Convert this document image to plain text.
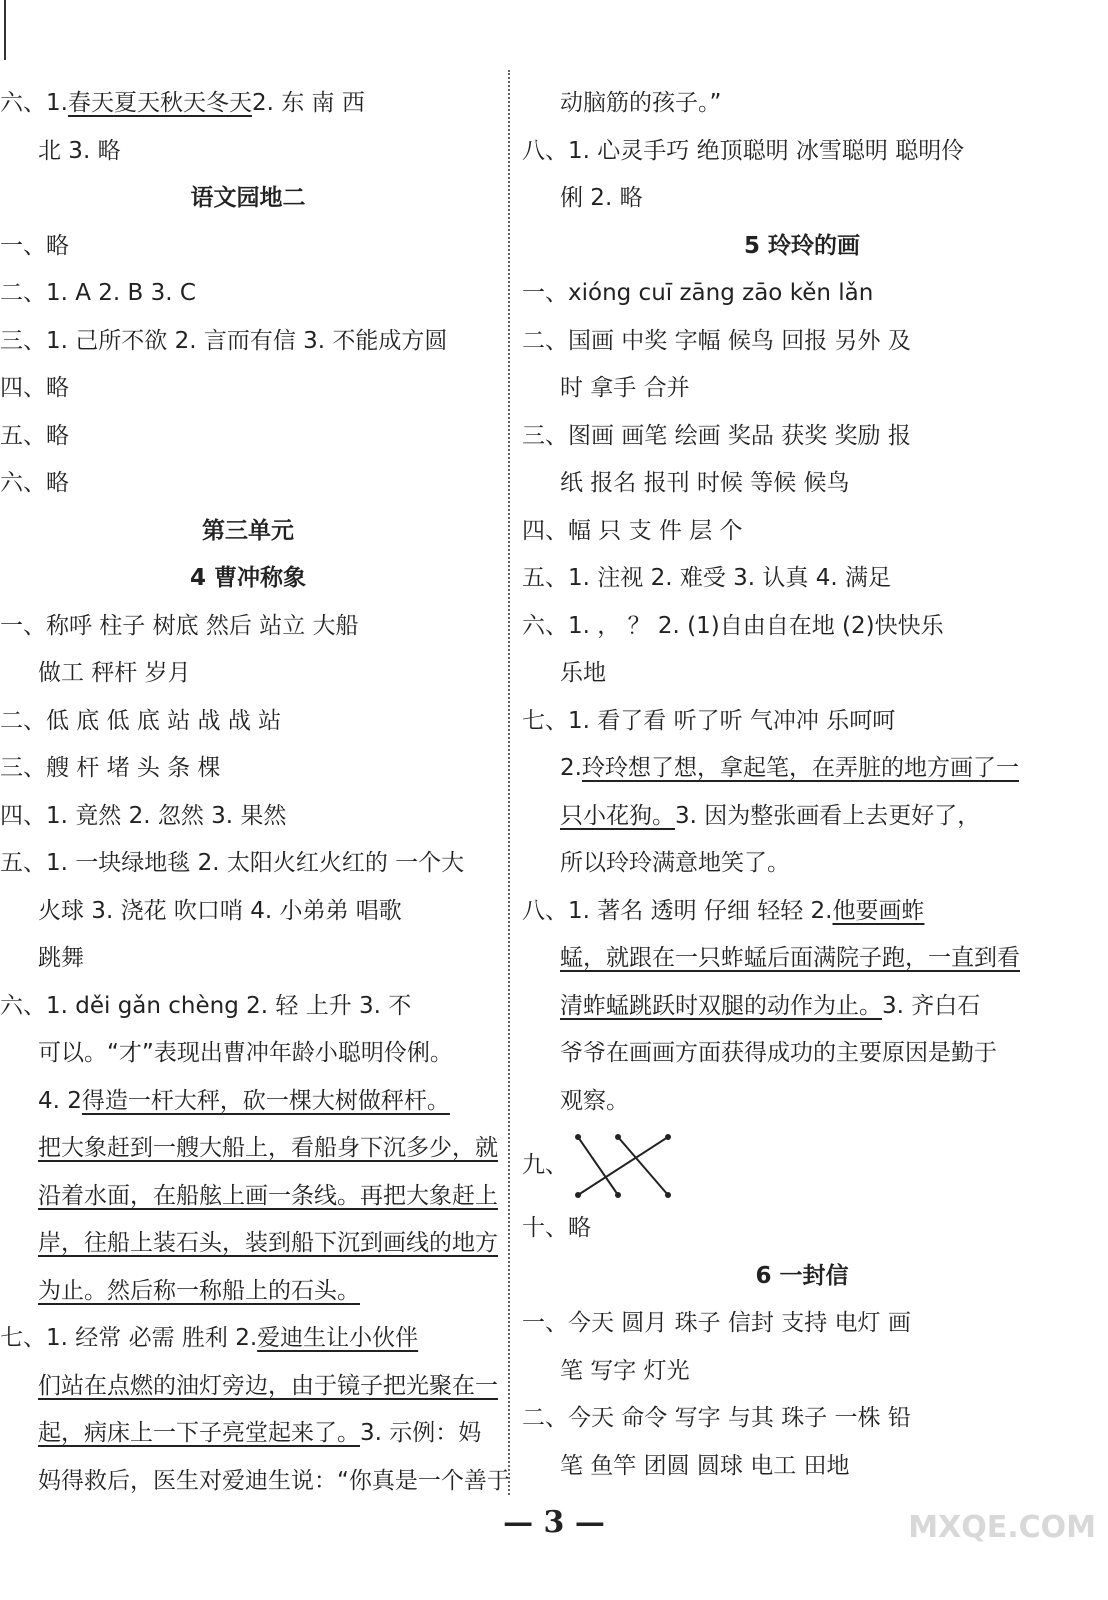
六、1.春天夏天秋天冬天2. 东 南 西
北 3. 略
语文园地二
一、略
二、1. A 2. B 3. C
三、1. 己所不欲 2. 言而有信 3. 不能成方圆
四、略
五、略
六、略
第三单元
4 曹冲称象
一、称呼 柱子 树底 然后 站立 大船
做工 秤杆 岁月
二、低 底 低 底 站 战 战 站
三、艘 杆 堵 头 条 棵
四、1. 竟然 2. 忽然 3. 果然
五、1. 一块绿地毯 2. 太阳火红火红的 一个大
火球 3. 浇花 吹口哨 4. 小弟弟 唱歌
跳舞
六、1. děi gǎn chèng 2. 轻 上升 3. 不
可以。“才”表现出曹冲年龄小聪明伶俐。
4. 2得造一杆大秤，砍一棵大树做秤杆。
把大象赶到一艘大船上，看船身下沉多少，就
沿着水面，在船舷上画一条线。再把大象赶上
岸，往船上装石头，装到船下沉到画线的地方
为止。然后称一称船上的石头。
七、1. 经常 必需 胜利 2.爱迪生让小伙伴
们站在点燃的油灯旁边，由于镜子把光聚在一
起，病床上一下子亮堂起来了。3. 示例：妈
妈得救后，医生对爱迪生说：“你真是一个善于
动脑筋的孩子。”
八、1. 心灵手巧 绝顶聪明 冰雪聪明 聪明伶
俐 2. 略
5 玲玲的画
一、xióng cuī zāng zāo kěn lǎn
二、国画 中奖 字幅 候鸟 回报 另外 及
时 拿手 合并
三、图画 画笔 绘画 奖品 获奖 奖励 报
纸 报名 报刊 时候 等候 候鸟
四、幅 只 支 件 层 个
五、1. 注视 2. 难受 3. 认真 4. 满足
六、1. ， ？ 2. (1)自由自在地 (2)快快乐
乐地
七、1. 看了看 听了听 气冲冲 乐呵呵
2.玲玲想了想，拿起笔，在弄脏的地方画了一
只小花狗。3. 因为整张画看上去更好了，
所以玲玲满意地笑了。
八、1. 著名 透明 仔细 轻轻 2.他要画蚱
蜢，就跟在一只蚱蜢后面满院子跑，一直到看
清蚱蜢跳跃时双腿的动作为止。3. 齐白石
爷爷在画画方面获得成功的主要原因是勤于
观察。
九、
十、略
6 一封信
一、今天 圆月 珠子 信封 支持 电灯 画
笔 写字 灯光
二、今天 命令 写字 与其 珠子 一株 铅
笔 鱼竿 团圆 圆球 电工 田地
— 3 —	MXQE.COM
